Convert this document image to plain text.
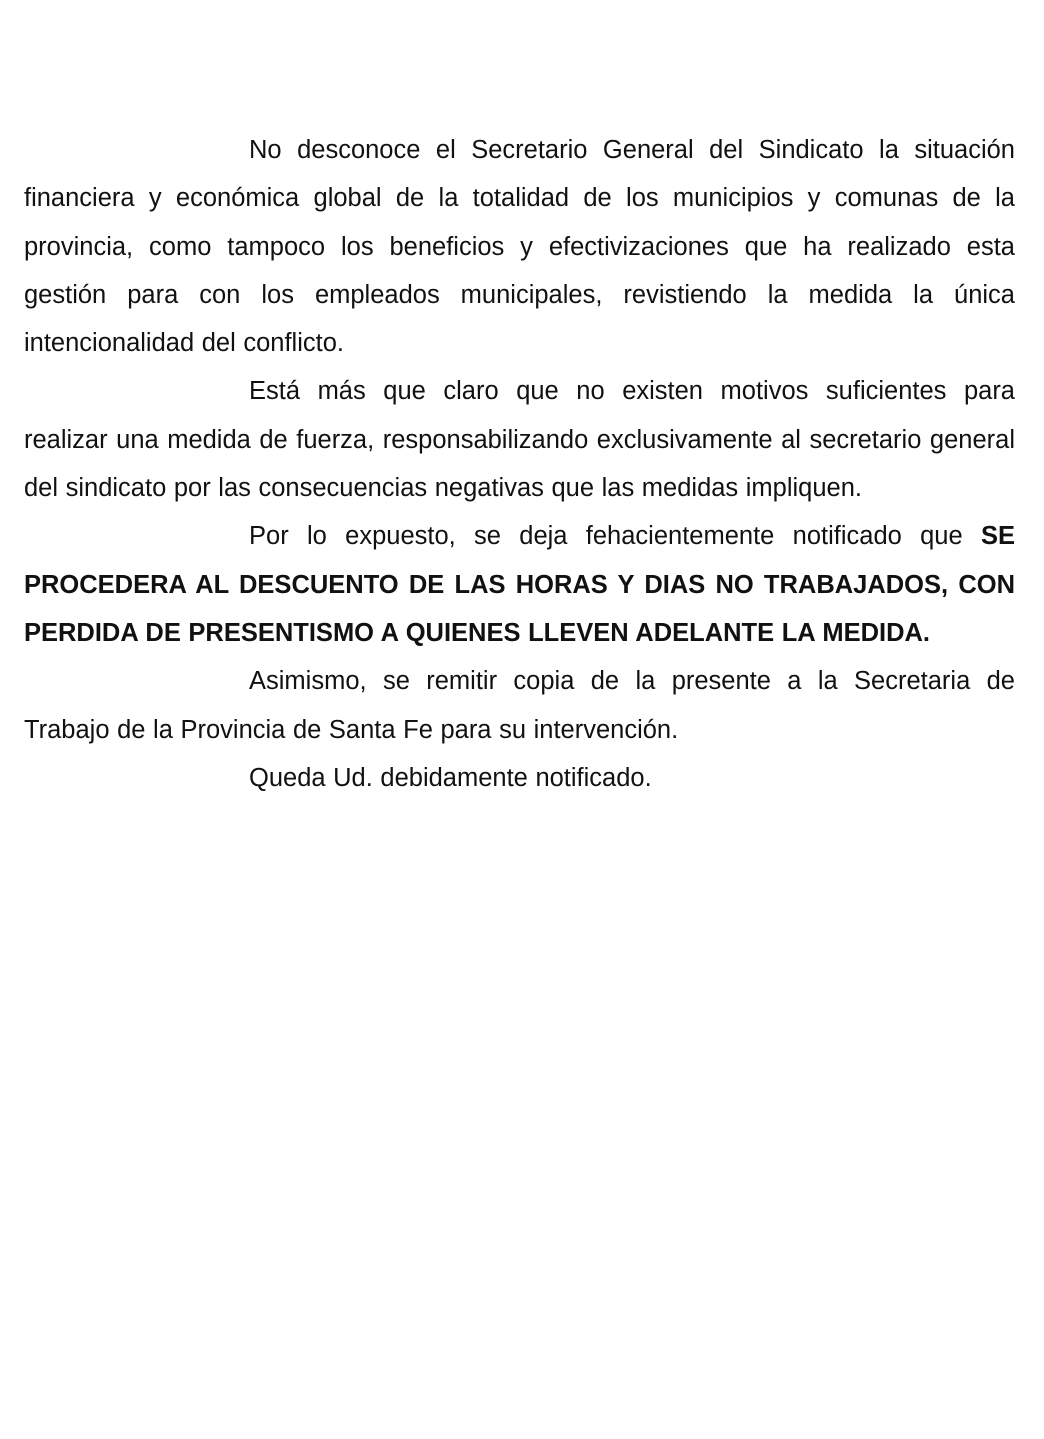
No desconoce el Secretario General del Sindicato la situación financiera y económica global de la totalidad de los municipios y comunas de la provincia, como tampoco los beneficios y efectivizaciones que ha realizado esta gestión para con los empleados municipales, revistiendo la medida la única intencionalidad del conflicto.

Está más que claro que no existen motivos suficientes para realizar una medida de fuerza, responsabilizando exclusivamente al secretario general del sindicato por las consecuencias negativas que las medidas impliquen.

Por lo expuesto, se deja fehacientemente notificado que SE PROCEDERA AL DESCUENTO DE LAS HORAS Y DIAS NO TRABAJADOS, CON PERDIDA DE PRESENTISMO A QUIENES LLEVEN ADELANTE LA MEDIDA.

Asimismo, se remitir copia de la presente a la Secretaria de Trabajo de la Provincia de Santa Fe para su intervención.

Queda Ud. debidamente notificado.
